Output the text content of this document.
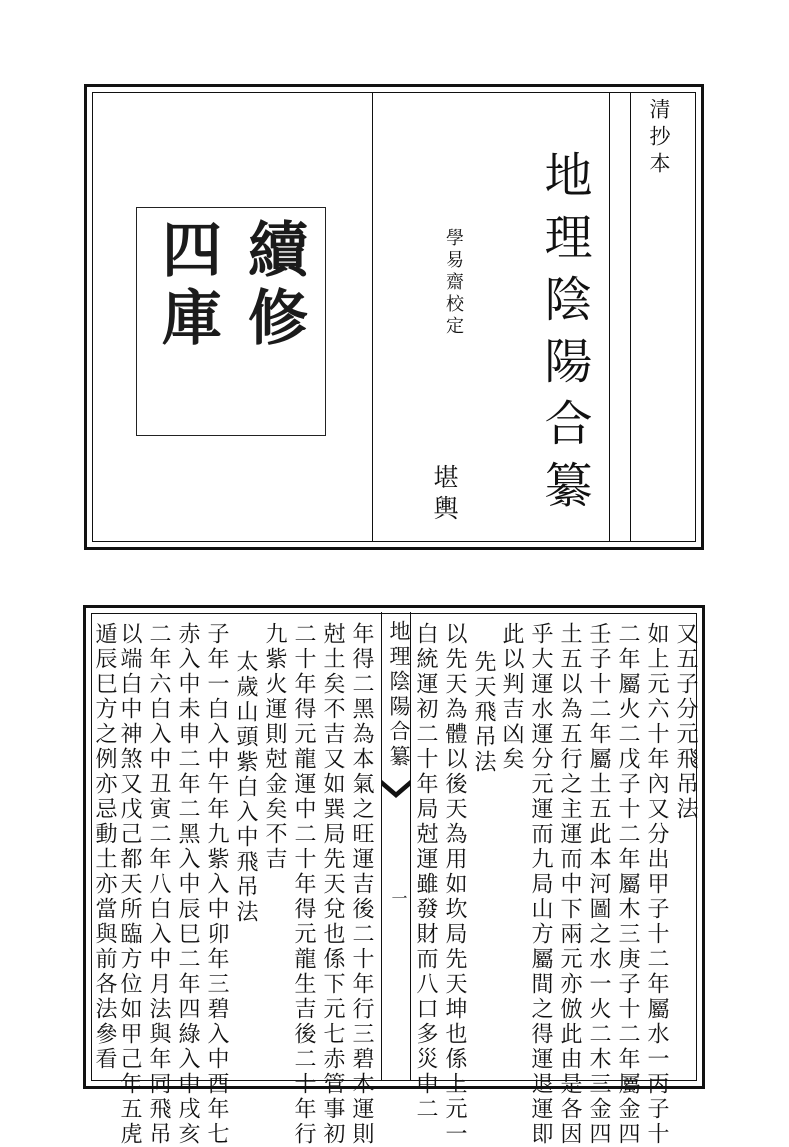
清抄本
地理陰陽合纂
學易齋校定
堪輿
續修
四庫
地理陰陽合纂
一
又五子分元飛吊法
如上元六十年內又分出甲子十二年屬水一丙子十
二年屬火二戊子十二年屬木三庚子十二年屬金四
壬子十二年屬土五此本河圖之水一火二木三金四
土五以為五行之主運而中下兩元亦倣此由是各因
乎大運水運分元運而九局山方屬間之得運退運即
此以判吉凶矣
先天飛吊法
以先天為體以後天為用如坎局先天坤也係上元一
白統運初二十年局尅運雖發財而八口多災中二
年得二黑為本氣之旺運吉後二十年行三碧木運則
尅土矣不吉又如巽局先天兌也係下元七赤管事初
二十年得元龍運中二十年得元龍生吉後二十年行
九紫火運則尅金矣不吉
太歲山頭紫白入中飛吊法
子年一白入中午年九紫入中卯年三碧入中酉年七
赤入中未申二年二黑入中辰巳二年四綠入中戌亥
二年六白入中丑寅二年八白入中月法與年同飛吊
以端白中神煞又戊己都天所臨方位如甲己年五虎
遁辰巳方之例亦忌動土亦當與前各法參看
